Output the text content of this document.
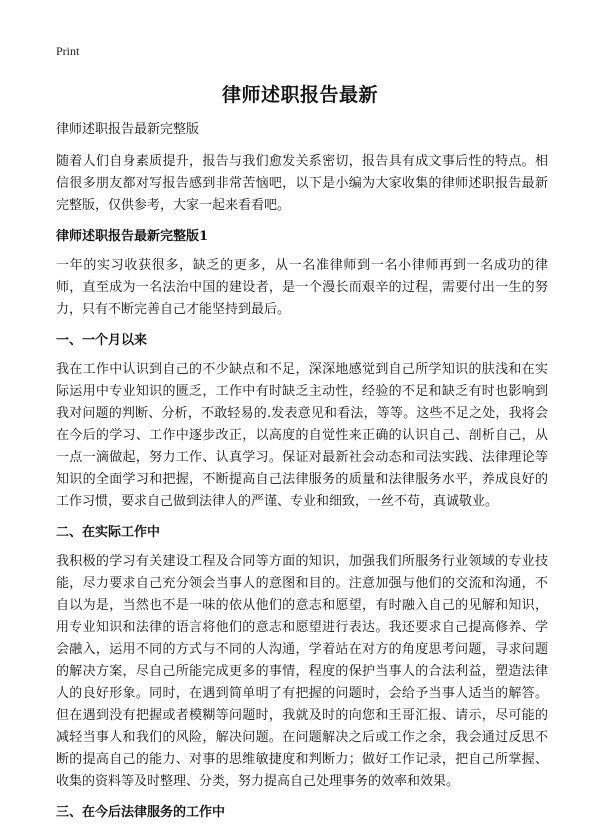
Print
律师述职报告最新

律师述职报告最新完整版

随着人们自身素质提升，报告与我们愈发关系密切，报告具有成文事后性的特点。相信很多朋友都对写报告感到非常苦恼吧，以下是小编为大家收集的律师述职报告最新完整版，仅供参考，大家一起来看看吧。

律师述职报告最新完整版1

一年的实习收获很多，缺乏的更多，从一名准律师到一名小律师再到一名成功的律师，直至成为一名法治中国的建设者，是一个漫长而艰辛的过程，需要付出一生的努力，只有不断完善自己才能坚持到最后。

一、一个月以来

我在工作中认识到自己的不少缺点和不足，深深地感觉到自己所学知识的肤浅和在实际运用中专业知识的匮乏，工作中有时缺乏主动性，经验的不足和缺乏有时也影响到我对问题的判断、分析，不敢轻易的.发表意见和看法，等等。这些不足之处，我将会在今后的学习、工作中逐步改正，以高度的自觉性来正确的认识自己、剖析自己，从一点一滴做起，努力工作、认真学习。保证对最新社会动态和司法实践、法律理论等知识的全面学习和把握，不断提高自己法律服务的质量和法律服务水平，养成良好的工作习惯，要求自己做到法律人的严谨、专业和细致，一丝不苟，真诚敬业。

二、在实际工作中

我积极的学习有关建设工程及合同等方面的知识，加强我们所服务行业领域的专业技能，尽力要求自己充分领会当事人的意图和目的。注意加强与他们的交流和沟通，不自以为是，当然也不是一味的依从他们的意志和愿望，有时融入自己的见解和知识，用专业知识和法律的语言将他们的意志和愿望进行表达。我还要求自己提高修养、学会融入，运用不同的方式与不同的人沟通，学着站在对方的角度思考问题，寻求问题的解决方案，尽自己所能完成更多的事情，程度的保护当事人的合法利益，塑造法律人的良好形象。同时，在遇到简单明了有把握的问题时，会给予当事人适当的解答。但在遇到没有把握或者模糊等问题时，我就及时的向您和王哥汇报、请示，尽可能的减轻当事人和我们的风险，解决问题。在问题解决之后或工作之余，我会通过反思不断的提高自己的能力、对事的思维敏捷度和判断力；做好工作记录，把自己所掌握、收集的资料等及时整理、分类，努力提高自己处理事务的效率和效果。

三、在今后法律服务的工作中
